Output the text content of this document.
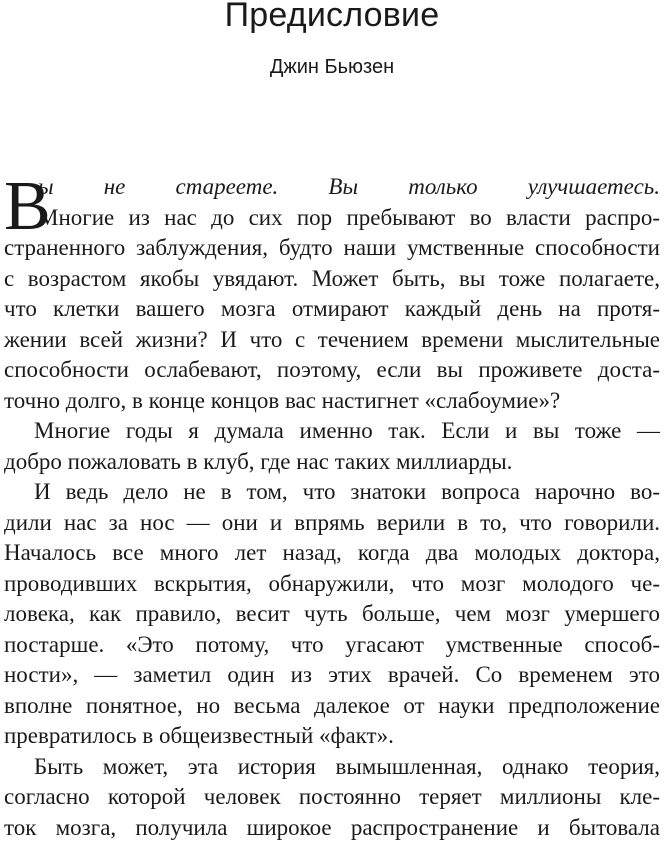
Предисловие
Джин Бьюзен
В
ы не стареете. Вы только улучшаетесь.
Многие из нас до сих пор пребывают во власти распро-
страненного заблуждения, будто наши умственные способности
с возрастом якобы увядают. Может быть, вы тоже полагаете,
что клетки вашего мозга отмирают каждый день на протя-
жении всей жизни? И что с течением времени мыслительные
способности ослабевают, поэтому, если вы проживете доста-
точно долго, в конце концов вас настигнет «слабоумие»?
Многие годы я думала именно так. Если и вы тоже —
добро пожаловать в клуб, где нас таких миллиарды.
И ведь дело не в том, что знатоки вопроса нарочно во-
дили нас за нос — они и впрямь верили в то, что говорили.
Началось все много лет назад, когда два молодых доктора,
проводивших вскрытия, обнаружили, что мозг молодого че-
ловека, как правило, весит чуть больше, чем мозг умершего
постарше. «Это потому, что угасают умственные способ-
ности», — заметил один из этих врачей. Со временем это
вполне понятное, но весьма далекое от науки предположение
превратилось в общеизвестный «факт».
Быть может, эта история вымышленная, однако теория,
согласно которой человек постоянно теряет миллионы кле-
ток мозга, получила широкое распространение и бытовала
